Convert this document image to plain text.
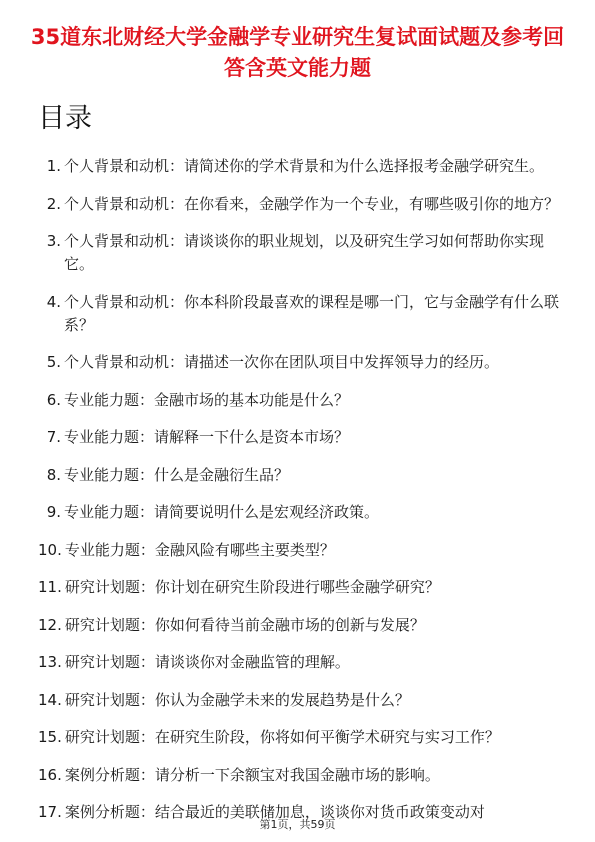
35道东北财经大学金融学专业研究生复试面试题及参考回答含英文能力题
目录
1. 个人背景和动机：请简述你的学术背景和为什么选择报考金融学研究生。
2. 个人背景和动机：在你看来，金融学作为一个专业，有哪些吸引你的地方？
3. 个人背景和动机：请谈谈你的职业规划，以及研究生学习如何帮助你实现它。
4. 个人背景和动机：你本科阶段最喜欢的课程是哪一门，它与金融学有什么联系？
5. 个人背景和动机：请描述一次你在团队项目中发挥领导力的经历。
6. 专业能力题：金融市场的基本功能是什么？
7. 专业能力题：请解释一下什么是资本市场？
8. 专业能力题：什么是金融衍生品？
9. 专业能力题：请简要说明什么是宏观经济政策。
10. 专业能力题：金融风险有哪些主要类型？
11. 研究计划题：你计划在研究生阶段进行哪些金融学研究？
12. 研究计划题：你如何看待当前金融市场的创新与发展？
13. 研究计划题：请谈谈你对金融监管的理解。
14. 研究计划题：你认为金融学未来的发展趋势是什么？
15. 研究计划题：在研究生阶段，你将如何平衡学术研究与实习工作？
16. 案例分析题：请分析一下余额宝对我国金融市场的影响。
17. 案例分析题：结合最近的美联储加息，谈谈你对货币政策变动对
第1页，共59页
